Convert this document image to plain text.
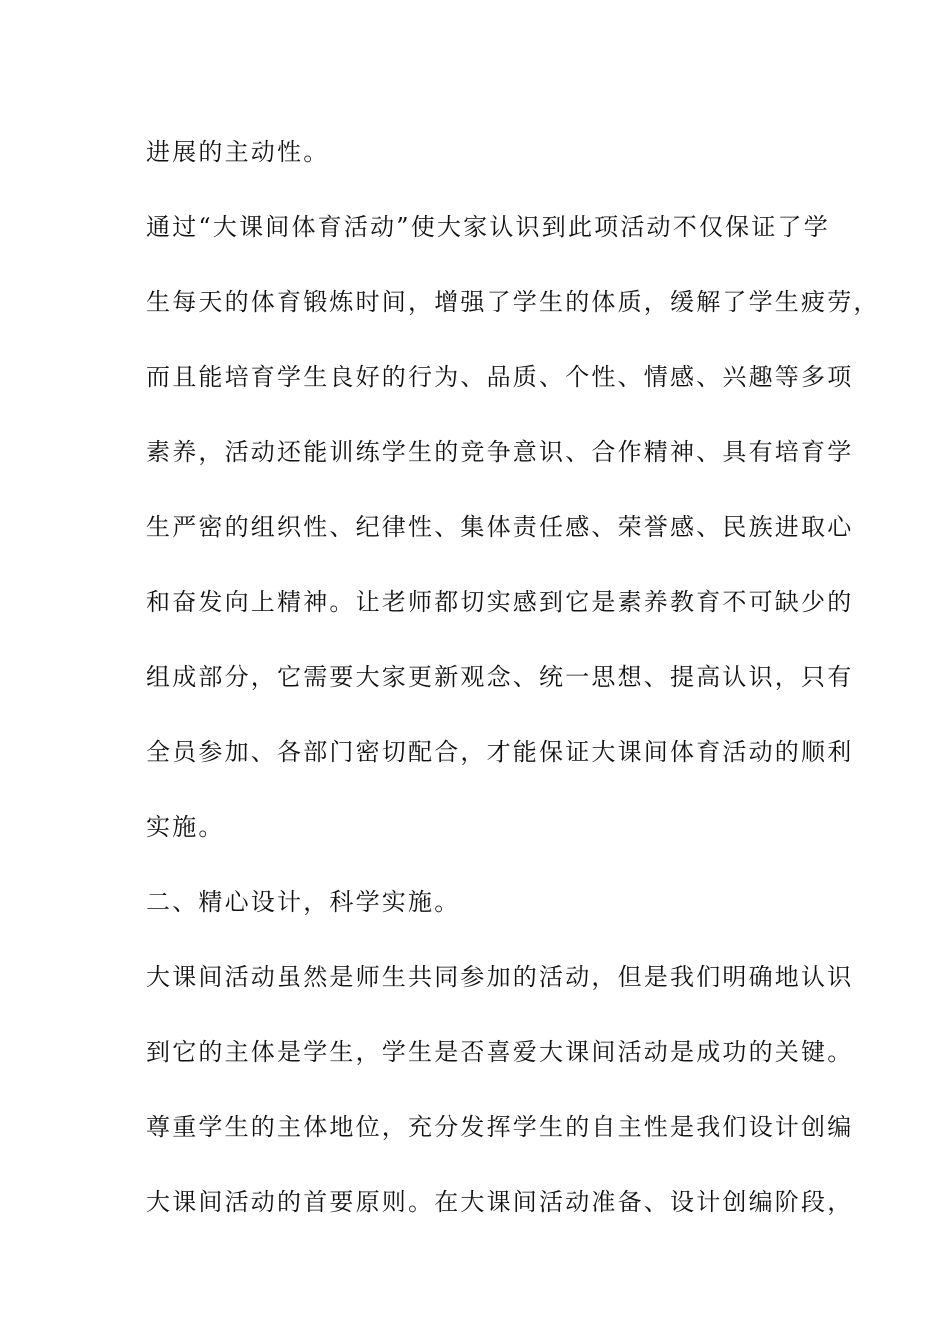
进展的主动性。
通过“大课间体育活动”使大家认识到此项活动不仅保证了学
生每天的体育锻炼时间，增强了学生的体质，缓解了学生疲劳，
而且能培育学生良好的行为、品质、个性、情感、兴趣等多项
素养，活动还能训练学生的竞争意识、合作精神、具有培育学
生严密的组织性、纪律性、集体责任感、荣誉感、民族进取心
和奋发向上精神。让老师都切实感到它是素养教育不可缺少的
组成部分，它需要大家更新观念、统一思想、提高认识，只有
全员参加、各部门密切配合，才能保证大课间体育活动的顺利
实施。
二、精心设计，科学实施。
大课间活动虽然是师生共同参加的活动，但是我们明确地认识
到它的主体是学生，学生是否喜爱大课间活动是成功的关键。
尊重学生的主体地位，充分发挥学生的自主性是我们设计创编
大课间活动的首要原则。在大课间活动准备、设计创编阶段，
